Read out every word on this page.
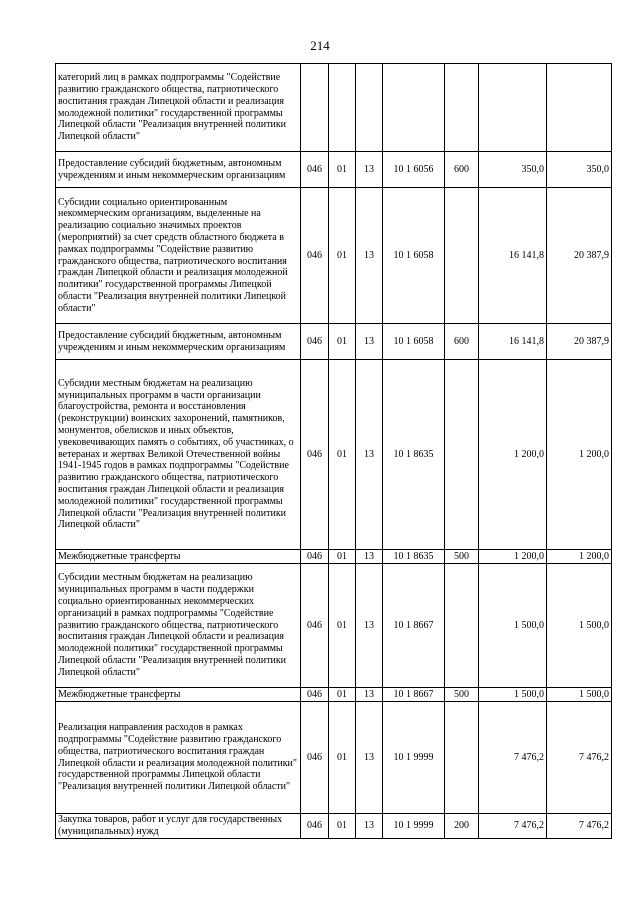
214
категорий лиц в рамках подпрограммы "Содействие развитию гражданского общества, патриотического воспитания граждан Липецкой области и реализация молодежной политики" государственной программы Липецкой области "Реализация внутренней политики Липецкой области"							
Предоставление субсидий бюджетным, автономным учреждениям и иным некоммерческим организациям	046	01	13	10 1 6056	600	350,0	350,0
Субсидии социально ориентированным некоммерческим организациям, выделенные на реализацию социально значимых проектов (мероприятий) за счет средств областного бюджета в рамках подпрограммы "Содействие развитию гражданского общества, патриотического воспитания граждан Липецкой области и реализация молодежной политики" государственной программы Липецкой области "Реализация внутренней политики Липецкой области"	046	01	13	10 1 6058		16 141,8	20 387,9
Предоставление субсидий бюджетным, автономным учреждениям и иным некоммерческим организациям	046	01	13	10 1 6058	600	16 141,8	20 387,9
Субсидии местным бюджетам на реализацию муниципальных программ в части организации благоустройства, ремонта и восстановления (реконструкции) воинских захоронений, памятников, монументов, обелисков и иных объектов, увековечивающих память о событиях, об участниках, о ветеранах и жертвах Великой Отечественной войны 1941-1945 годов в рамках подпрограммы "Содействие развитию гражданского общества, патриотического воспитания граждан Липецкой области и реализация молодежной политики" государственной программы Липецкой области "Реализация внутренней политики Липецкой области"	046	01	13	10 1 8635		1 200,0	1 200,0
Межбюджетные трансферты	046	01	13	10 1 8635	500	1 200,0	1 200,0
Субсидии местным бюджетам на реализацию муниципальных программ в части поддержки социально ориентированных некоммерческих организаций в рамках подпрограммы "Содействие развитию гражданского общества, патриотического воспитания граждан Липецкой области и реализация молодежной политики" государственной программы Липецкой области "Реализация внутренней политики Липецкой области"	046	01	13	10 1 8667		1 500,0	1 500,0
Межбюджетные трансферты	046	01	13	10 1 8667	500	1 500,0	1 500,0
Реализация направления расходов в рамках подпрограммы "Содействие развитию гражданского общества, патриотического воспитания граждан Липецкой области и реализация молодежной политики" государственной программы Липецкой области "Реализация внутренней политики Липецкой области"	046	01	13	10 1 9999		7 476,2	7 476,2
Закупка товаров, работ и услуг для государственных (муниципальных) нужд	046	01	13	10 1 9999	200	7 476,2	7 476,2
